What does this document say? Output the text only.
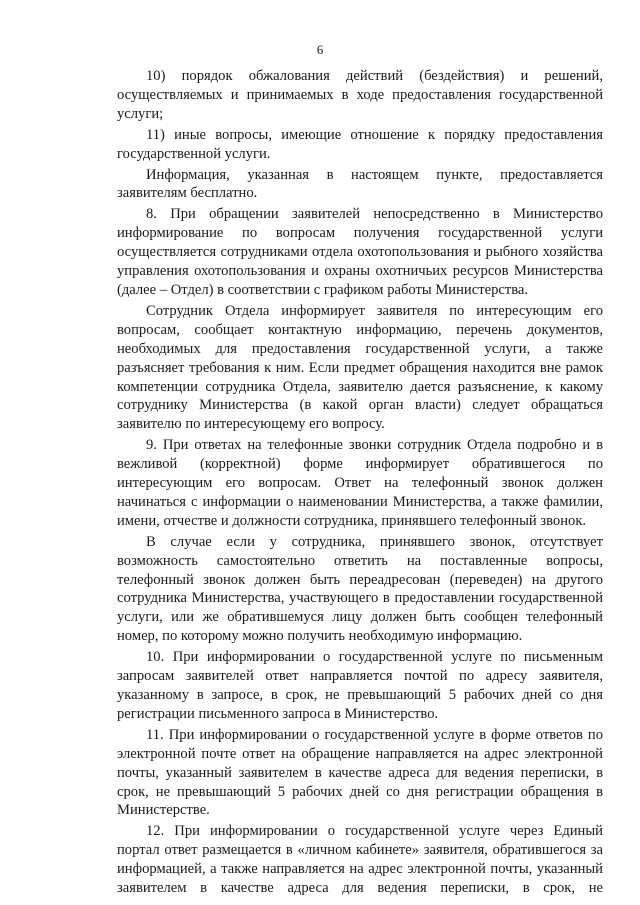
6

10) порядок обжалования действий (бездействия) и решений, осуществляемых и принимаемых в ходе предоставления государственной услуги;

11) иные вопросы, имеющие отношение к порядку предоставления государственной услуги.

Информация, указанная в настоящем пункте, предоставляется заявителям бесплатно.

8. При обращении заявителей непосредственно в Министерство информирование по вопросам получения государственной услуги осуществляется сотрудниками отдела охотопользования и рыбного хозяйства управления охотопользования и охраны охотничьих ресурсов Министерства (далее – Отдел) в соответствии с графиком работы Министерства.

Сотрудник Отдела информирует заявителя по интересующим его вопросам, сообщает контактную информацию, перечень документов, необходимых для предоставления государственной услуги, а также разъясняет требования к ним. Если предмет обращения находится вне рамок компетенции сотрудника Отдела, заявителю дается разъяснение, к какому сотруднику Министерства (в какой орган власти) следует обращаться заявителю по интересующему его вопросу.

9. При ответах на телефонные звонки сотрудник Отдела подробно и в вежливой (корректной) форме информирует обратившегося по интересующим его вопросам. Ответ на телефонный звонок должен начинаться с информации о наименовании Министерства, а также фамилии, имени, отчестве и должности сотрудника, принявшего телефонный звонок.

В случае если у сотрудника, принявшего звонок, отсутствует возможность самостоятельно ответить на поставленные вопросы, телефонный звонок должен быть переадресован (переведен) на другого сотрудника Министерства, участвующего в предоставлении государственной услуги, или же обратившемуся лицу должен быть сообщен телефонный номер, по которому можно получить необходимую информацию.

10. При информировании о государственной услуге по письменным запросам заявителей ответ направляется почтой по адресу заявителя, указанному в запросе, в срок, не превышающий 5 рабочих дней со дня регистрации письменного запроса в Министерство.

11. При информировании о государственной услуге в форме ответов по электронной почте ответ на обращение направляется на адрес электронной почты, указанный заявителем в качестве адреса для ведения переписки, в срок, не превышающий 5 рабочих дней со дня регистрации обращения в Министерстве.

12. При информировании о государственной услуге через Единый портал ответ размещается в «личном кабинете» заявителя, обратившегося за информацией, а также направляется на адрес электронной почты, указанный заявителем в качестве адреса для ведения переписки, в срок, не
